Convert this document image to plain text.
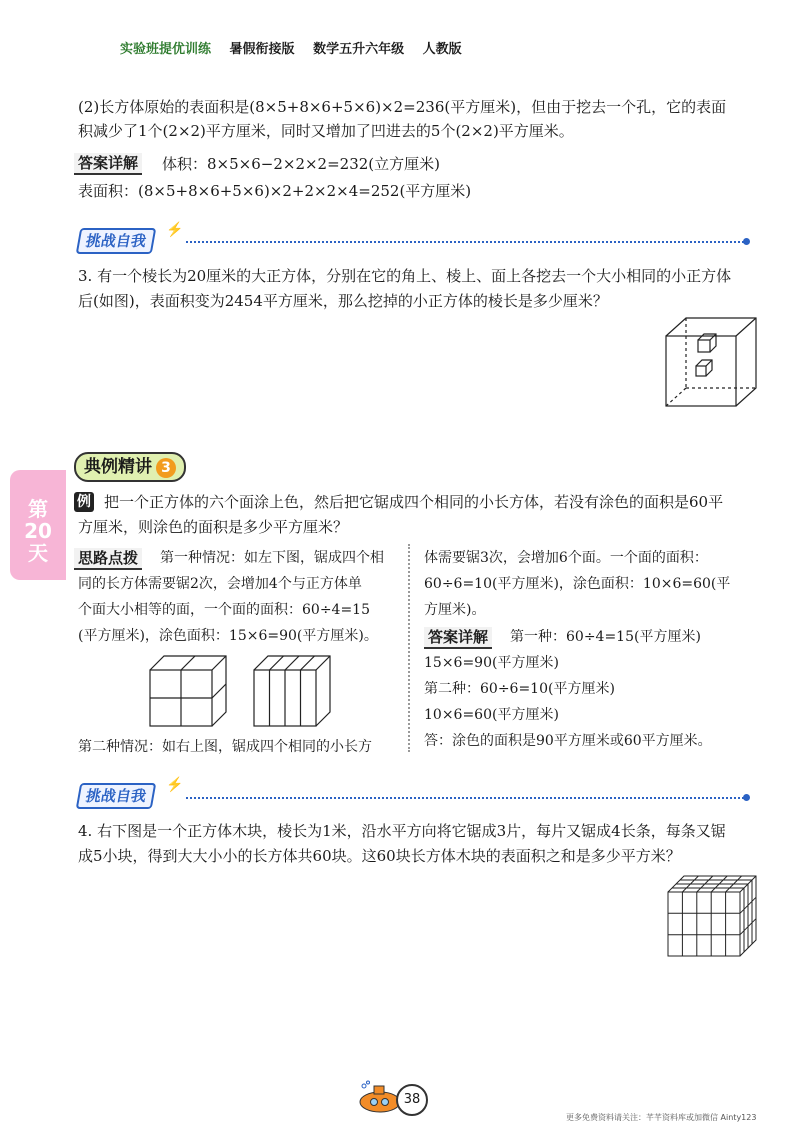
实验班提优训练 暑假衔接版 数学五升六年级 人教版
(2)长方体原始的表面积是(8×5+8×6+5×6)×2=236(平方厘米)，但由于挖去一个孔，它的表面
积减少了1个(2×2)平方厘米，同时又增加了凹进去的5个(2×2)平方厘米。
答案详解 体积：8×5×6−2×2×2=232(立方厘米)
表面积：(8×5+8×6+5×6)×2+2×2×4=252(平方厘米)
挑战自我
⚡
3. 有一个棱长为20厘米的大正方体，分别在它的角上、棱上、面上各挖去一个大小相同的小正方体
后(如图)，表面积变为2454平方厘米，那么挖掉的小正方体的棱长是多少厘米？
第
20
天
典例精讲 3
例 把一个正方体的六个面涂上色，然后把它锯成四个相同的小长方体，若没有涂色的面积是60平
方厘米，则涂色的面积是多少平方厘米？
思路点拨 第一种情况：如左下图，锯成四个相
同的长方体需要锯2次，会增加4个与正方体单
个面大小相等的面，一个面的面积：60÷4=15
(平方厘米)，涂色面积：15×6=90(平方厘米)。
第二种情况：如右上图，锯成四个相同的小长方
体需要锯3次，会增加6个面。一个面的面积：
60÷6=10(平方厘米)，涂色面积：10×6=60(平
方厘米)。
答案详解 第一种：60÷4=15(平方厘米)
15×6=90(平方厘米)
第二种：60÷6=10(平方厘米)
10×6=60(平方厘米)
答：涂色的面积是90平方厘米或60平方厘米。
挑战自我
⚡
4. 右下图是一个正方体木块，棱长为1米，沿水平方向将它锯成3片，每片又锯成4长条，每条又锯
成5小块，得到大大小小的长方体共60块。这60块长方体木块的表面积之和是多少平方米？
38
更多免费资料请关注：芊芊资料库或加微信 Ainty123
